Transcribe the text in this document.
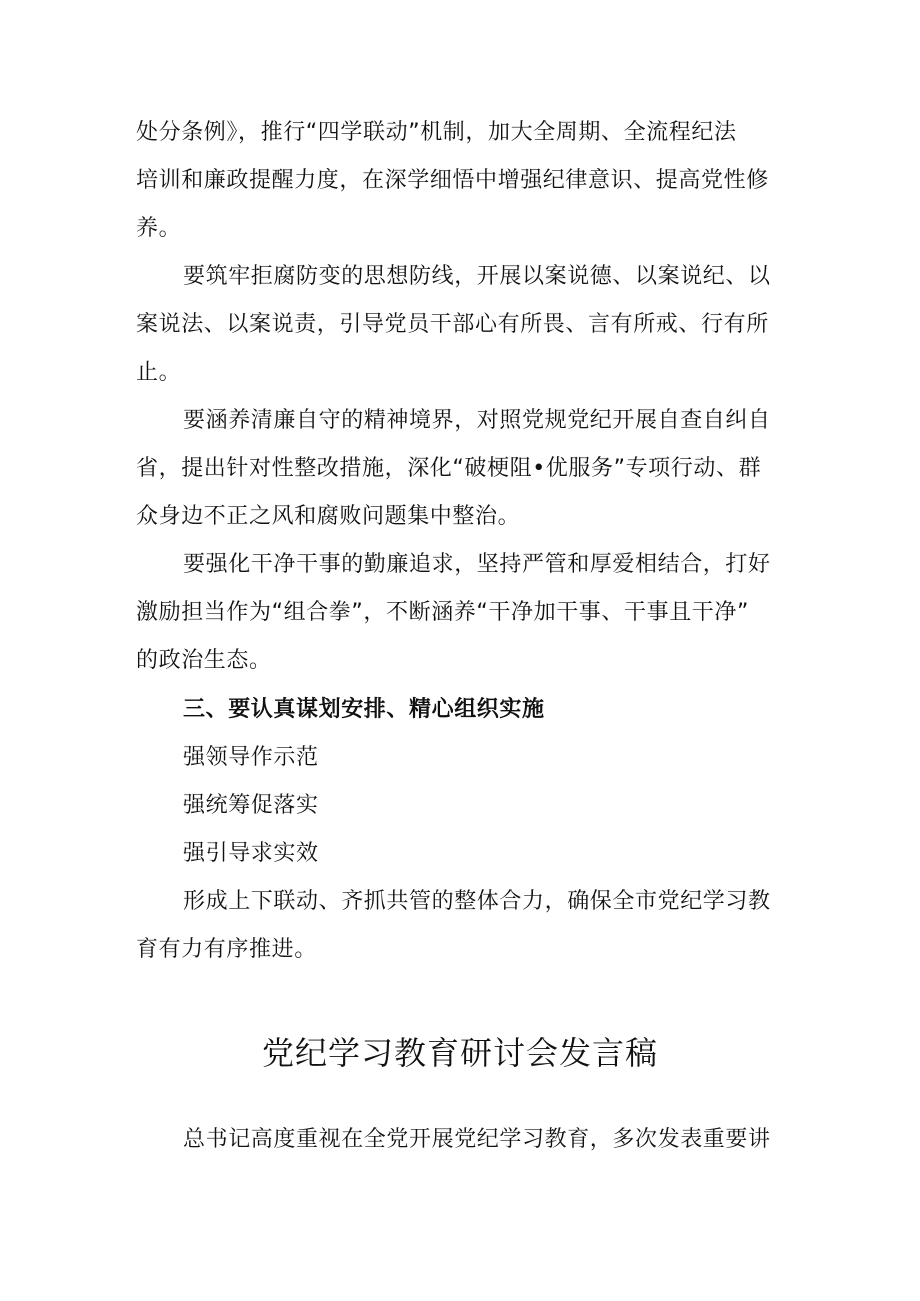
处分条例》，推行“四学联动”机制，加大全周期、全流程纪法
培训和廉政提醒力度，在深学细悟中增强纪律意识、提高党性修
养。
要筑牢拒腐防变的思想防线，开展以案说德、以案说纪、以
案说法、以案说责，引导党员干部心有所畏、言有所戒、行有所
止。
要涵养清廉自守的精神境界，对照党规党纪开展自查自纠自
省，提出针对性整改措施，深化“破梗阻•优服务”专项行动、群
众身边不正之风和腐败问题集中整治。
要强化干净干事的勤廉追求，坚持严管和厚爱相结合，打好
激励担当作为“组合拳”，不断涵养“干净加干事、干事且干净”
的政治生态。
三、要认真谋划安排、精心组织实施
强领导作示范
强统筹促落实
强引导求实效
形成上下联动、齐抓共管的整体合力，确保全市党纪学习教
育有力有序推进。
党纪学习教育研讨会发言稿
总书记高度重视在全党开展党纪学习教育，多次发表重要讲
